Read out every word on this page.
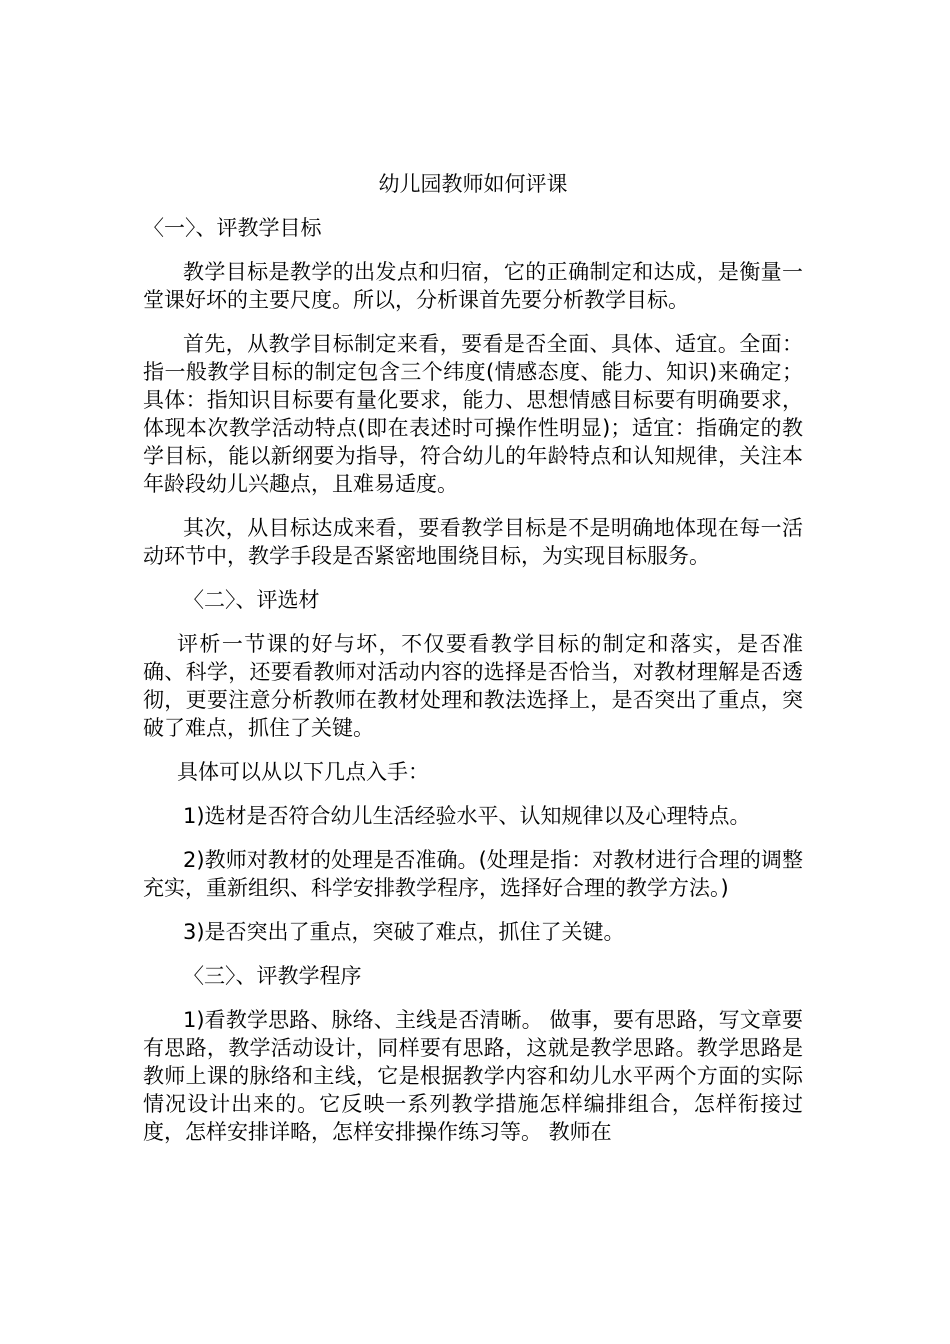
幼儿园教师如何评课
〈一〉、评教学目标
教学目标是教学的出发点和归宿，它的正确制定和达成，是衡量一堂课好坏的主要尺度。所以，分析课首先要分析教学目标。
首先，从教学目标制定来看，要看是否全面、具体、适宜。全面：指一般教学目标的制定包含三个纬度(情感态度、能力、知识)来确定；具体：指知识目标要有量化要求，能力、思想情感目标要有明确要求，体现本次教学活动特点(即在表述时可操作性明显)；适宜：指确定的教学目标，能以新纲要为指导，符合幼儿的年龄特点和认知规律，关注本年龄段幼儿兴趣点，且难易适度。
其次，从目标达成来看，要看教学目标是不是明确地体现在每一活动环节中，教学手段是否紧密地围绕目标，为实现目标服务。
〈二〉、评选材
评析一节课的好与坏，不仅要看教学目标的制定和落实，是否准确、科学，还要看教师对活动内容的选择是否恰当，对教材理解是否透彻，更要注意分析教师在教材处理和教法选择上，是否突出了重点，突破了难点，抓住了关键。
具体可以从以下几点入手：
1)选材是否符合幼儿生活经验水平、认知规律以及心理特点。
2)教师对教材的处理是否准确。(处理是指：对教材进行合理的调整充实，重新组织、科学安排教学程序，选择好合理的教学方法。)
3)是否突出了重点，突破了难点，抓住了关键。
〈三〉、评教学程序
1)看教学思路、脉络、主线是否清晰。 做事，要有思路，写文章要有思路，教学活动设计，同样要有思路，这就是教学思路。教学思路是教师上课的脉络和主线，它是根据教学内容和幼儿水平两个方面的实际情况设计出来的。它反映一系列教学措施怎样编排组合，怎样衔接过度，怎样安排详略，怎样安排操作练习等。 教师在
